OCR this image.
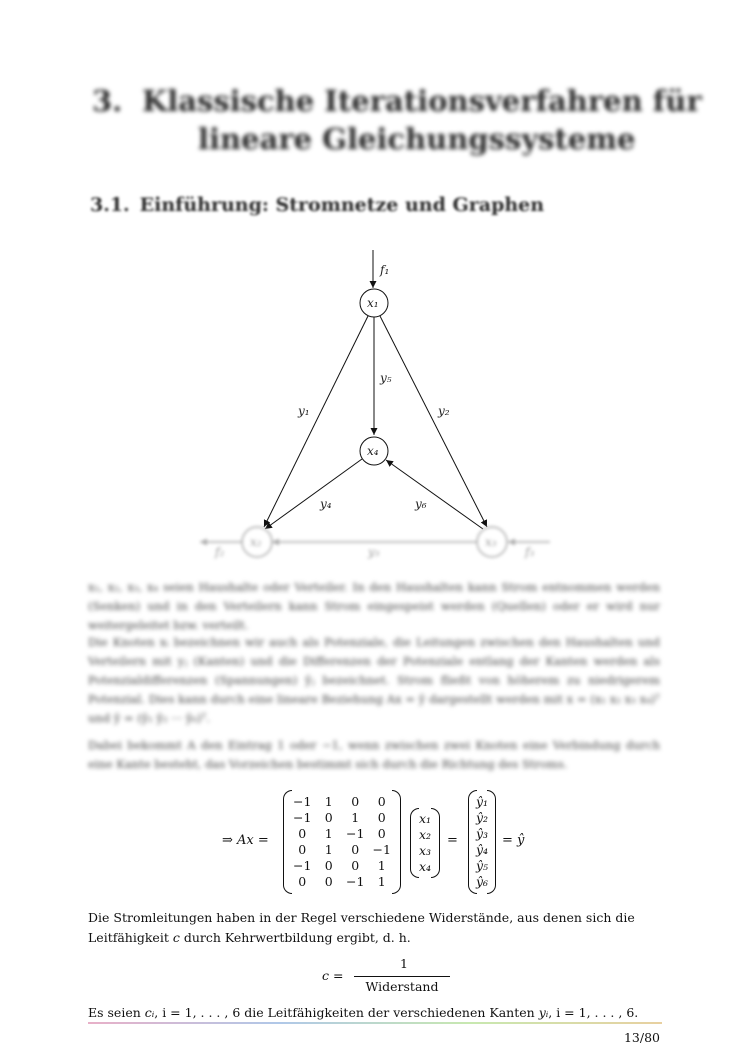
3. Klassische Iterationsverfahren für
lineare Gleichungssysteme
3.1. Einführung: Stromnetze und Graphen
f₁
x₁
y₅
x₄
y₁	y₂
y₄	y₆
x₂	x₃
f₂	f₃
y₃
x₁, x₂, x₃, x₄ seien Haushalte oder Verteiler. In den Haushalten kann Strom entnommen werden (Senken) und in den Verteilern kann Strom eingespeist werden (Quellen) oder er wird nur weitergeleitet bzw. verteilt.
Die Knoten xᵢ bezeichnen wir auch als Potenziale, die Leitungen zwischen den Haushalten und Verteilern mit yⱼ (Kanten) und die Differenzen der Potenziale entlang der Kanten werden als Potenzialdifferenzen (Spannungen) ŷⱼ bezeichnet. Strom fließt von höherem zu niedrigerem Potenzial. Dies kann durch eine lineare Beziehung Ax = ŷ dargestellt werden mit x = (x₁ x₂ x₃ x₄)ᵀ und ŷ = (ŷ₁ ŷ₂ ··· ŷ₆)ᵀ.
Dabei bekommt A den Eintrag 1 oder −1, wenn zwischen zwei Knoten eine Verbindung durch eine Kante besteht, das Vorzeichen bestimmt sich durch die Richtung des Stroms.
⇒ Ax =
−1	1	0	0
−1	0	1	0
0	1	−1	0
0	1	0	−1
−1	0	0	1
0	0	−1	1
x₁
x₂
x₃
x₄
=
ŷ₁
ŷ₂
ŷ₃
ŷ₄
ŷ₅
ŷ₆
= ŷ
Die Stromleitungen haben in der Regel verschiedene Widerstände, aus denen sich die
Leitfähigkeit c durch Kehrwertbildung ergibt, d. h.
c =
1
Widerstand
Es seien cᵢ, i = 1, . . . , 6 die Leitfähigkeiten der verschiedenen Kanten yᵢ, i = 1, . . . , 6.
13/80
